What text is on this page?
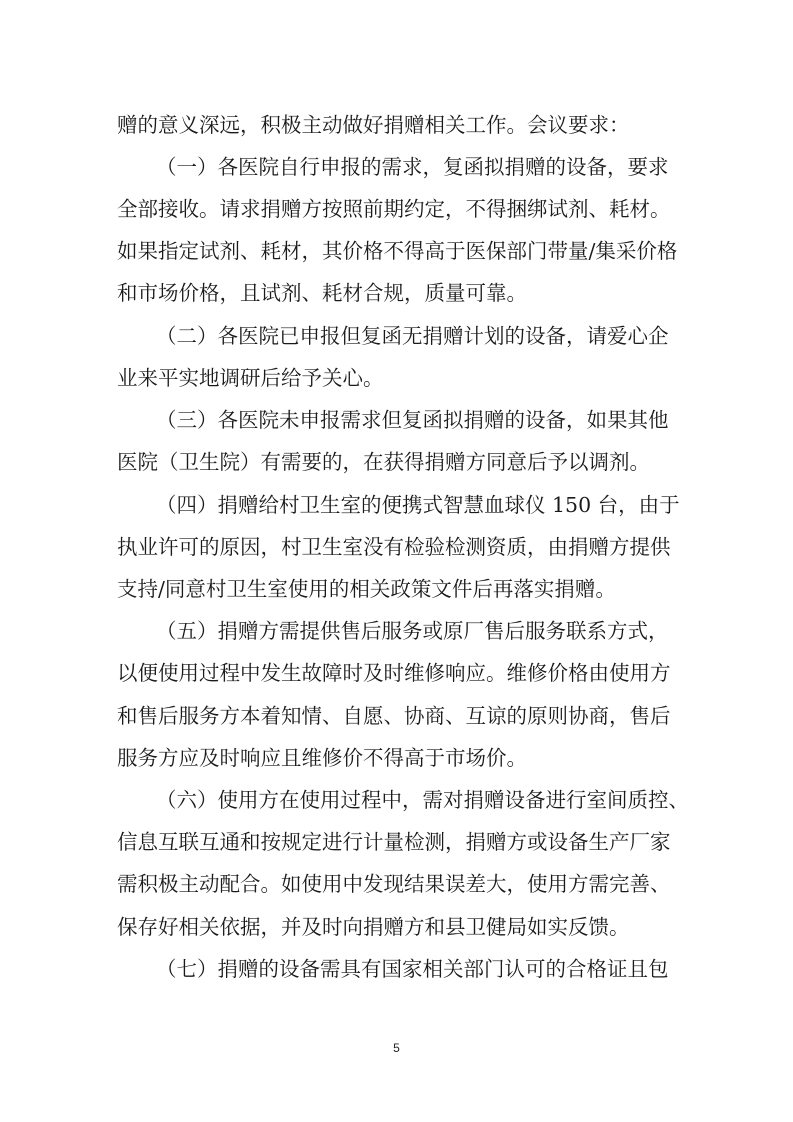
赠的意义深远，积极主动做好捐赠相关工作。会议要求：
（一）各医院自行申报的需求，复函拟捐赠的设备，要求
全部接收。请求捐赠方按照前期约定，不得捆绑试剂、耗材。
如果指定试剂、耗材，其价格不得高于医保部门带量/集采价格
和市场价格，且试剂、耗材合规，质量可靠。
（二）各医院已申报但复函无捐赠计划的设备，请爱心企
业来平实地调研后给予关心。
（三）各医院未申报需求但复函拟捐赠的设备，如果其他
医院（卫生院）有需要的，在获得捐赠方同意后予以调剂。
（四）捐赠给村卫生室的便携式智慧血球仪 150 台，由于
执业许可的原因，村卫生室没有检验检测资质，由捐赠方提供
支持/同意村卫生室使用的相关政策文件后再落实捐赠。
（五）捐赠方需提供售后服务或原厂售后服务联系方式，
以便使用过程中发生故障时及时维修响应。维修价格由使用方
和售后服务方本着知情、自愿、协商、互谅的原则协商，售后
服务方应及时响应且维修价不得高于市场价。
（六）使用方在使用过程中，需对捐赠设备进行室间质控、
信息互联互通和按规定进行计量检测，捐赠方或设备生产厂家
需积极主动配合。如使用中发现结果误差大，使用方需完善、
保存好相关依据，并及时向捐赠方和县卫健局如实反馈。
（七）捐赠的设备需具有国家相关部门认可的合格证且包
5
